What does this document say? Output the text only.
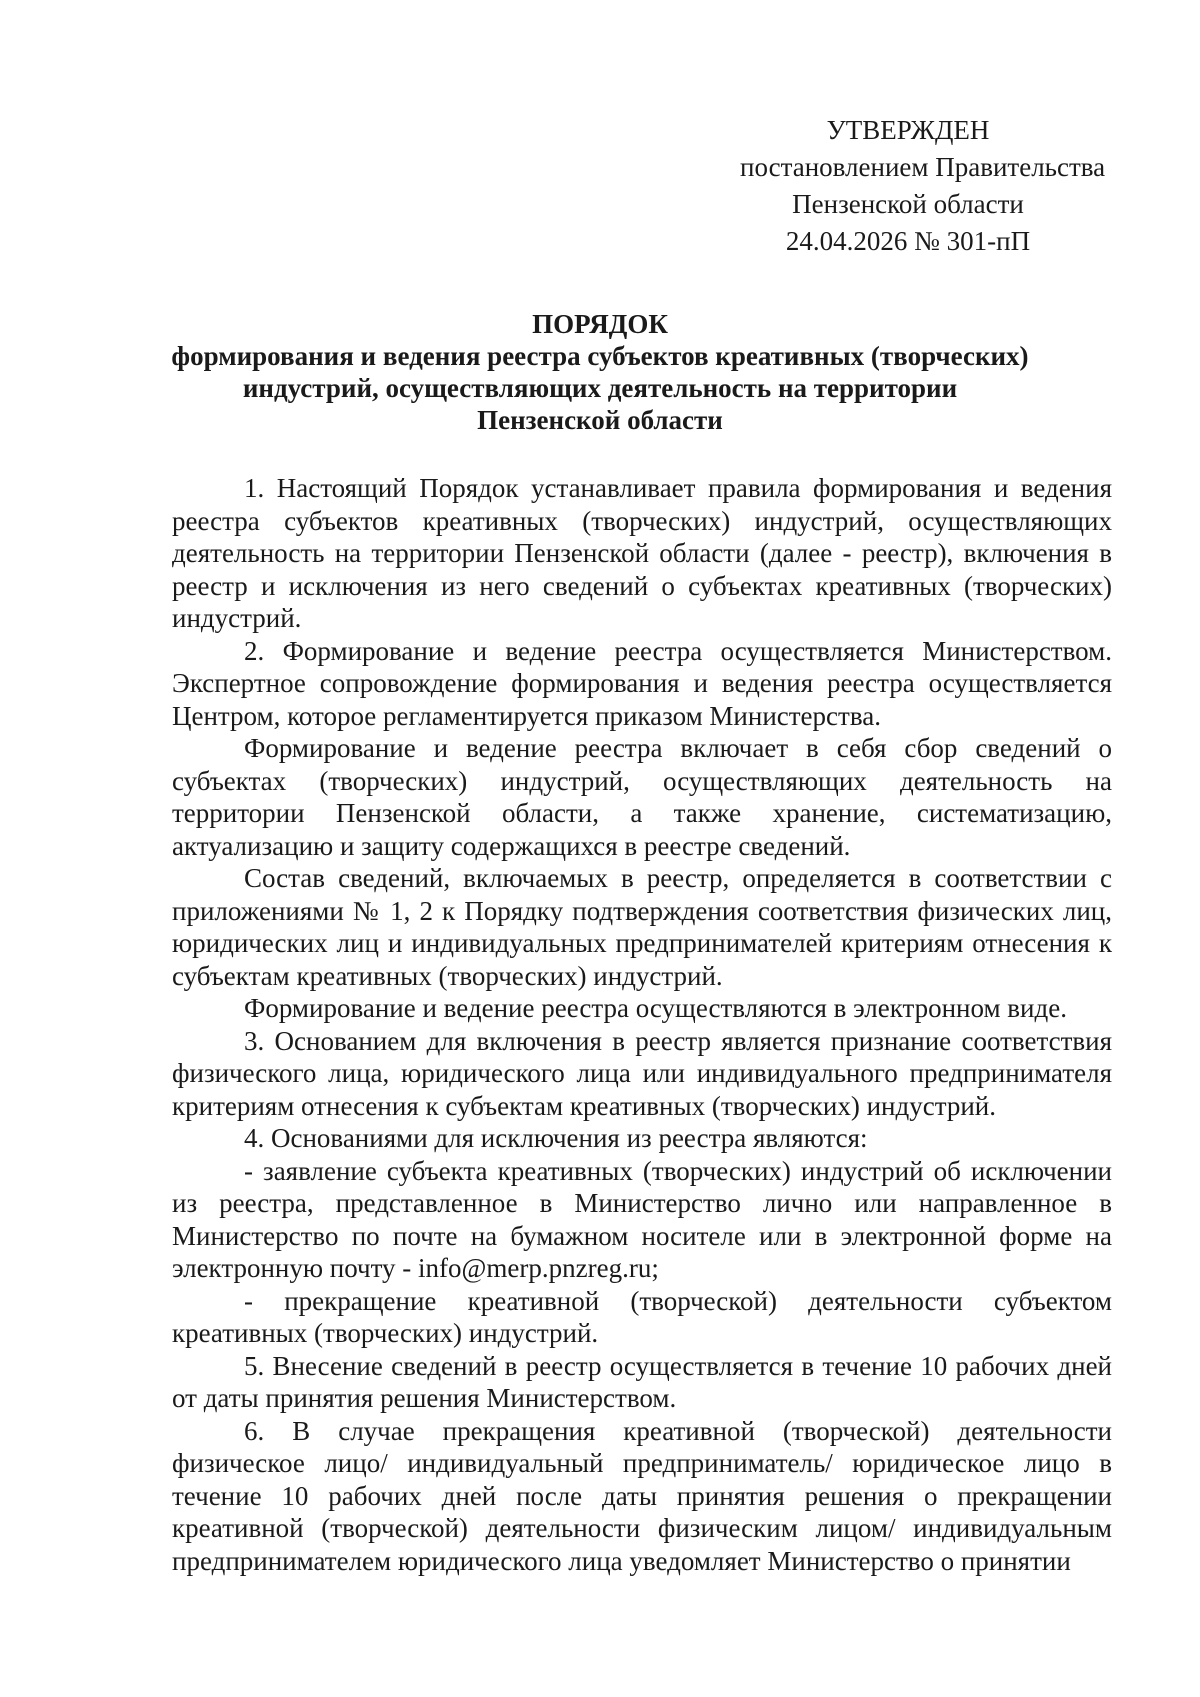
УТВЕРЖДЕН
постановлением Правительства
Пензенской области
24.04.2026 № 301-пП
ПОРЯДОК
формирования и ведения реестра субъектов креативных (творческих)
индустрий, осуществляющих деятельность на территории
Пензенской области

1. Настоящий Порядок устанавливает правила формирования и ведения реестра субъектов креативных (творческих) индустрий, осуществляющих деятельность на территории Пензенской области (далее - реестр), включения в реестр и исключения из него сведений о субъектах креативных (творческих) индустрий.

2. Формирование и ведение реестра осуществляется Министерством. Экспертное сопровождение формирования и ведения реестра осуществляется Центром, которое регламентируется приказом Министерства.

Формирование и ведение реестра включает в себя сбор сведений о субъектах (творческих) индустрий, осуществляющих деятельность на территории Пензенской области, а также хранение, систематизацию, актуализацию и защиту содержащихся в реестре сведений.

Состав сведений, включаемых в реестр, определяется в соответствии с приложениями № 1, 2 к Порядку подтверждения соответствия физических лиц, юридических лиц и индивидуальных предпринимателей критериям отнесения к субъектам креативных (творческих) индустрий.

Формирование и ведение реестра осуществляются в электронном виде.

3. Основанием для включения в реестр является признание соответствия физического лица, юридического лица или индивидуального предпринимателя критериям отнесения к субъектам креативных (творческих) индустрий.

4. Основаниями для исключения из реестра являются:

- заявление субъекта креативных (творческих) индустрий об исключении из реестра, представленное в Министерство лично или направленное в Министерство по почте на бумажном носителе или в электронной форме на электронную почту - info@merp.pnzreg.ru;

- прекращение креативной (творческой) деятельности субъектом креативных (творческих) индустрий.

5. Внесение сведений в реестр осуществляется в течение 10 рабочих дней от даты принятия решения Министерством.

6. В случае прекращения креативной (творческой) деятельности физическое лицо/ индивидуальный предприниматель/ юридическое лицо в течение 10 рабочих дней после даты принятия решения о прекращении креативной (творческой) деятельности физическим лицом/ индивидуальным предпринимателем юридического лица уведомляет Министерство о принятии
